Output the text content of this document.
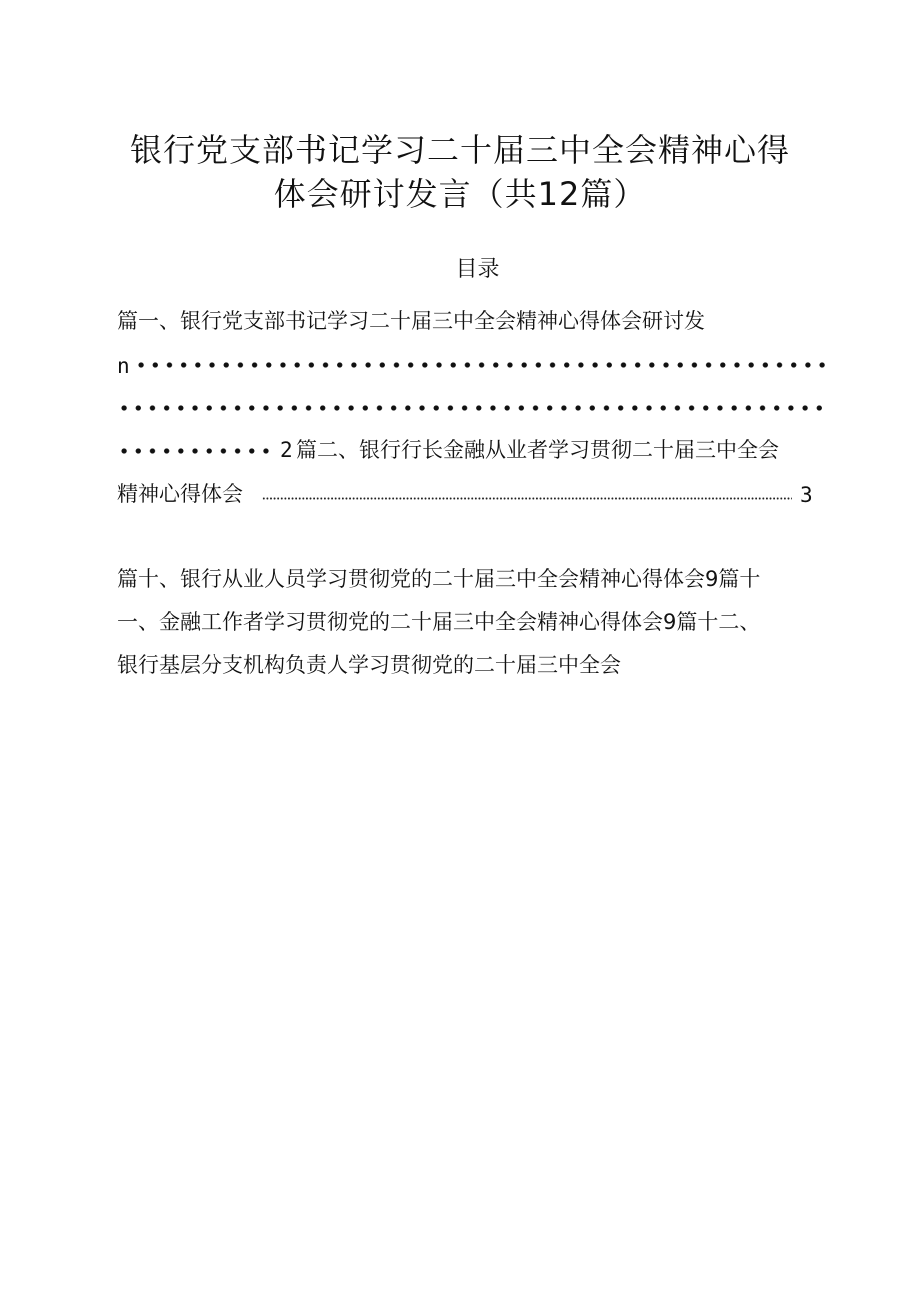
银行党支部书记学习二十届三中全会精神心得
体会研讨发言（共12篇）
目录
篇一、银行党支部书记学习二十届三中全会精神心得体会研讨发
n
2 篇二、银行行长金融从业者学习贯彻二十届三中全会
精神心得体会	3
篇十、银行从业人员学习贯彻党的二十届三中全会精神心得体会9篇十
一、金融工作者学习贯彻党的二十届三中全会精神心得体会9篇十二、
银行基层分支机构负责人学习贯彻党的二十届三中全会
